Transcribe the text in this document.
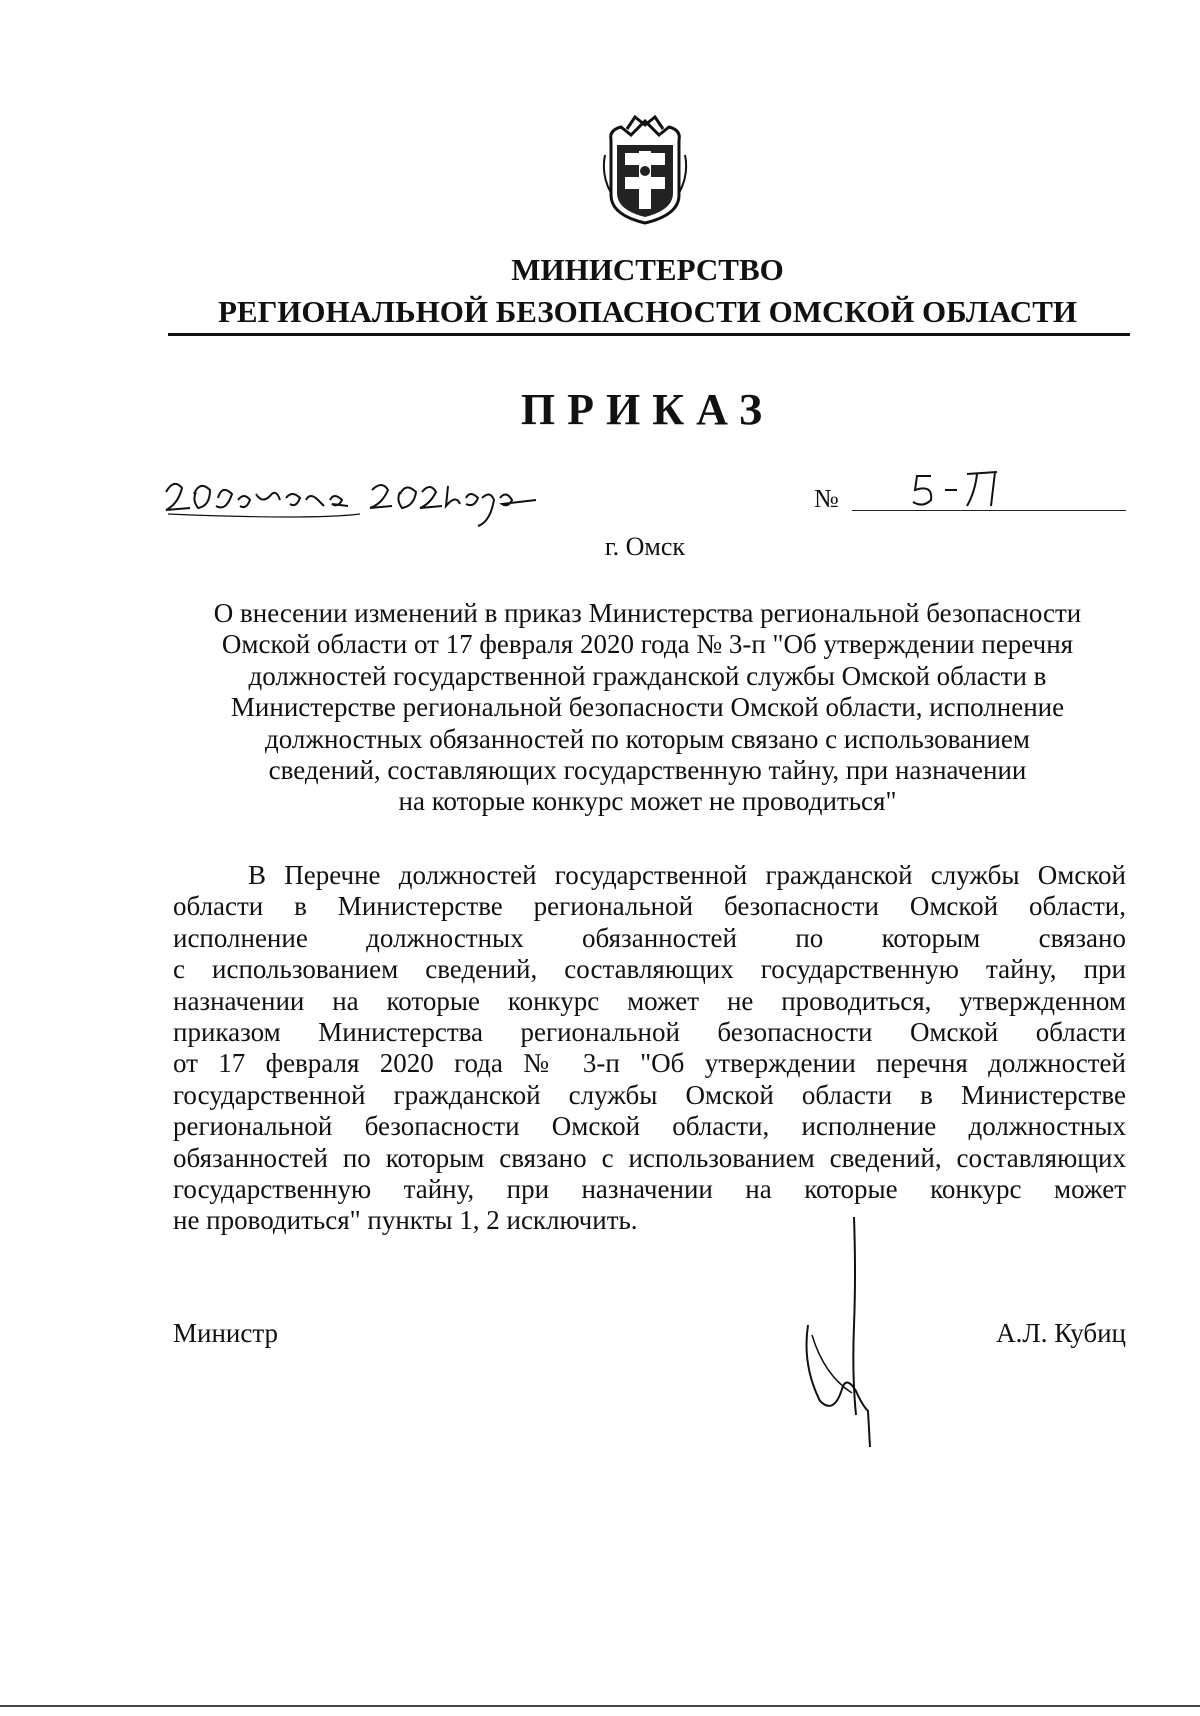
МИНИСТЕРСТВО
РЕГИОНАЛЬНОЙ БЕЗОПАСНОСТИ ОМСКОЙ ОБЛАСТИ
ПРИКАЗ
№
г. Омск

О внесении изменений в приказ Министерства региональной безопасности
Омской области от 17 февраля 2020 года № 3-п "Об утверждении перечня
должностей государственной гражданской службы Омской области в
Министерстве региональной безопасности Омской области, исполнение
должностных обязанностей по которым связано с использованием
сведений, составляющих государственную тайну, при назначении
на которые конкурс может не проводиться"

В Перечне должностей государственной гражданской службы Омской
области в Министерстве региональной безопасности Омской области,
исполнение должностных обязанностей по которым связано
с использованием сведений, составляющих государственную тайну, при
назначении на которые конкурс может не проводиться, утвержденном
приказом Министерства региональной безопасности Омской области
от 17 февраля 2020 года № 3-п "Об утверждении перечня должностей
государственной гражданской службы Омской области в Министерстве
региональной безопасности Омской области, исполнение должностных
обязанностей по которым связано с использованием сведений, составляющих
государственную тайну, при назначении на которые конкурс может
не проводиться" пункты 1, 2 исключить.

Министр	А.Л. Кубиц
